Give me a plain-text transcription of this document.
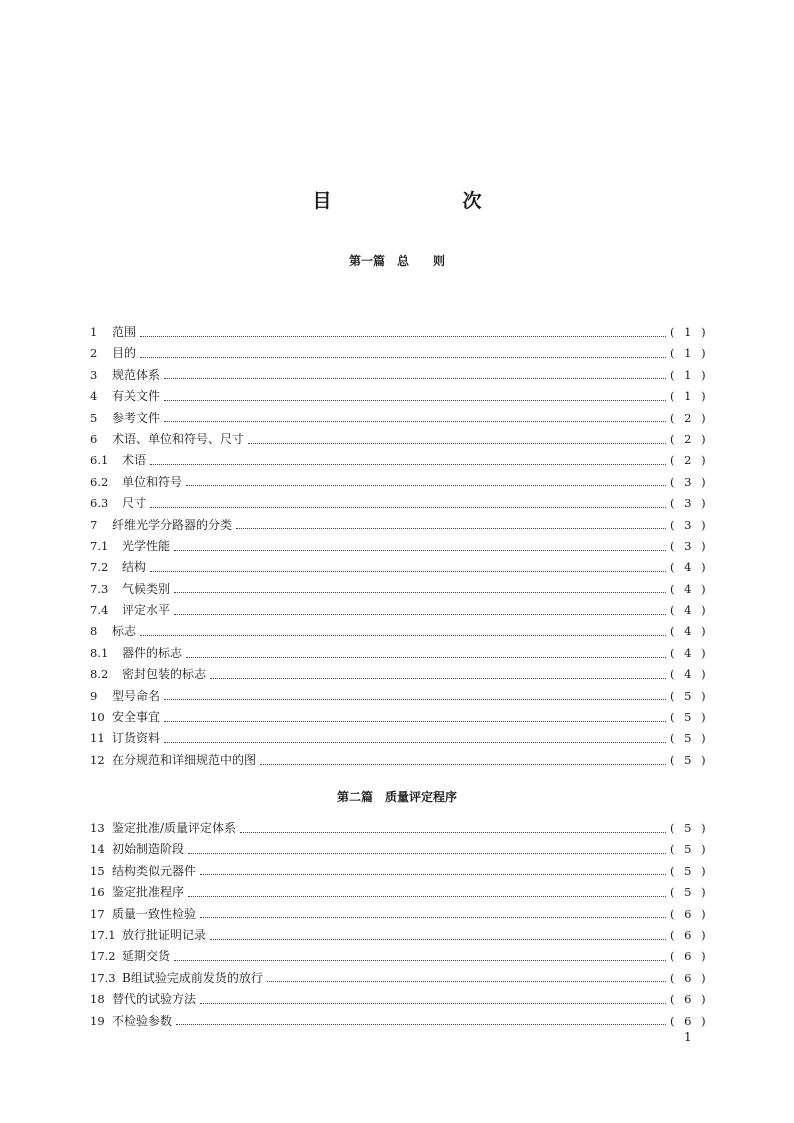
目　次
第一篇　总　　则
1	范围	( 1 )
2	目的	( 1 )
3	规范体系	( 1 )
4	有关文件	( 1 )
5	参考文件	( 2 )
6	术语、单位和符号、尺寸	( 2 )
6.1	术语	( 2 )
6.2	单位和符号	( 3 )
6.3	尺寸	( 3 )
7	纤维光学分路器的分类	( 3 )
7.1	光学性能	( 3 )
7.2	结构	( 4 )
7.3	气候类别	( 4 )
7.4	评定水平	( 4 )
8	标志	( 4 )
8.1	器件的标志	( 4 )
8.2	密封包装的标志	( 4 )
9	型号命名	( 5 )
10 安全事宜	( 5 )
11 订货资料	( 5 )
12 在分规范和详细规范中的图	( 5 )
第二篇　质量评定程序
13 鉴定批准/质量评定体系	( 5 )
14 初始制造阶段	( 5 )
15 结构类似元器件	( 5 )
16 鉴定批准程序	( 5 )
17 质量一致性检验	( 6 )
17.1 放行批证明记录	( 6 )
17.2 延期交货	( 6 )
17.3 B组试验完成前发货的放行	( 6 )
18 替代的试验方法	( 6 )
19 不检验参数	( 6 )
1
